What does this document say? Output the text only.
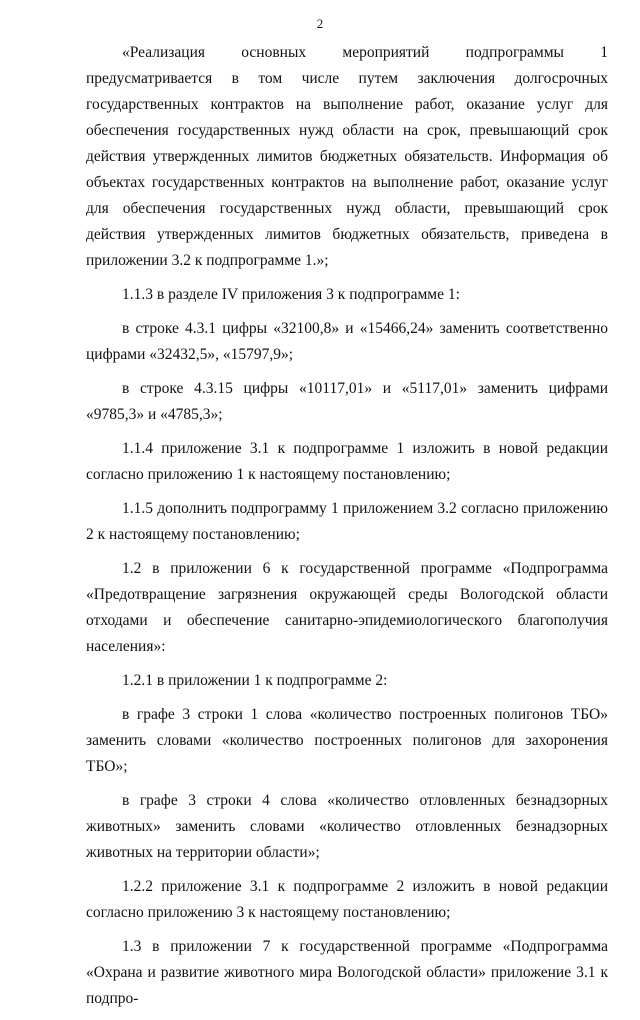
2

«Реализация основных мероприятий подпрограммы 1 предусматривается в том числе путем заключения долгосрочных государственных контрактов на выполнение работ, оказание услуг для обеспечения государственных нужд области на срок, превышающий срок действия утвержденных лимитов бюджетных обязательств. Информация об объектах государственных контрактов на выполнение работ, оказание услуг для обеспечения государственных нужд области, превышающий срок действия утвержденных лимитов бюджетных обязательств, приведена в приложении 3.2 к подпрограмме 1.»;

1.1.3 в разделе IV приложения 3 к подпрограмме 1:

в строке 4.3.1 цифры «32100,8» и «15466,24» заменить соответственно цифрами «32432,5», «15797,9»;

в строке 4.3.15 цифры «10117,01» и «5117,01» заменить цифрами «9785,3» и «4785,3»;

1.1.4 приложение 3.1 к подпрограмме 1 изложить в новой редакции согласно приложению 1 к настоящему постановлению;

1.1.5 дополнить подпрограмму 1 приложением 3.2 согласно приложению 2 к настоящему постановлению;

1.2 в приложении 6 к государственной программе «Подпрограмма «Предотвращение загрязнения окружающей среды Вологодской области отходами и обеспечение санитарно-эпидемиологического благополучия населения»:

1.2.1 в приложении 1 к подпрограмме 2:

в графе 3 строки 1 слова «количество построенных полигонов ТБО» заменить словами «количество построенных полигонов для захоронения ТБО»;

в графе 3 строки 4 слова «количество отловленных безнадзорных животных» заменить словами «количество отловленных безнадзорных животных на территории области»;

1.2.2 приложение 3.1 к подпрограмме 2 изложить в новой редакции согласно приложению 3 к настоящему постановлению;

1.3 в приложении 7 к государственной программе «Подпрограмма «Охрана и развитие животного мира Вологодской области» приложение 3.1 к подпро-
